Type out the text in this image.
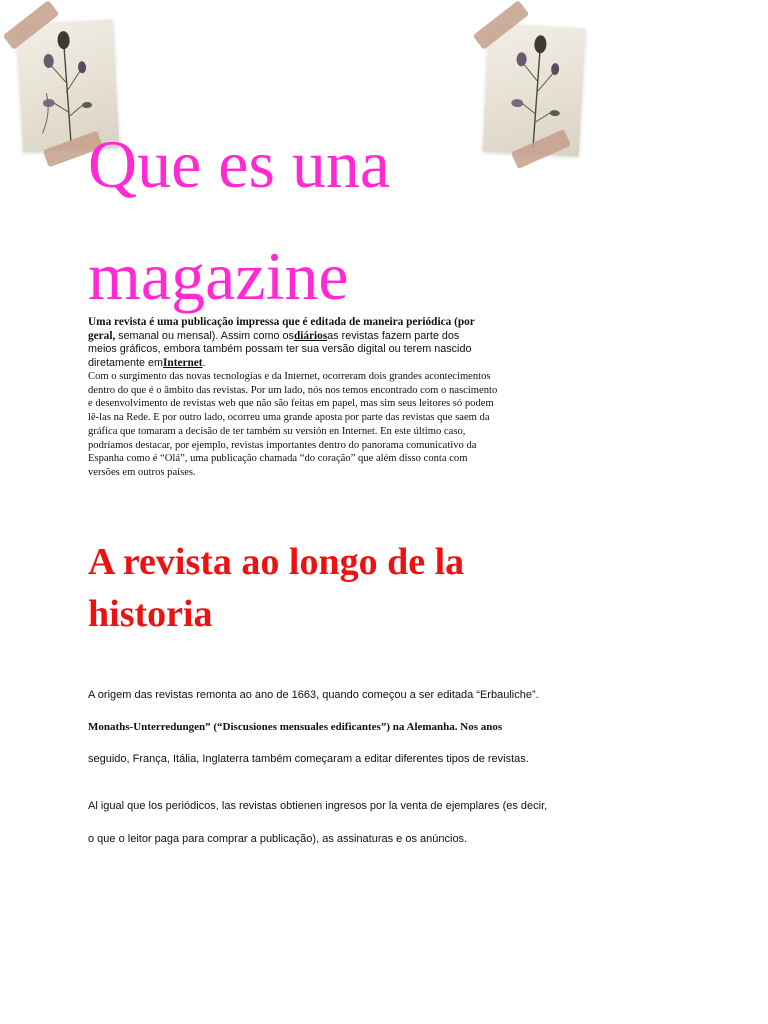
Que es una magazine

Uma revista é uma publicação impressa que é editada de maneira periódica (por geral, semanal ou mensal). Assim como osdiáriosas revistas fazem parte dos meios gráficos, embora também possam ter sua versão digital ou terem nascido diretamente emInternet.

Com o surgimento das novas tecnologias e da Internet, ocorreram dois grandes acontecimentos dentro do que é o âmbito das revistas. Por um lado, nós nos temos encontrado com o nascimento e desenvolvimento de revistas web que não são feitas em papel, mas sim seus leitores só podem lê-las na Rede. E por outro lado, ocorreu uma grande aposta por parte das revistas que saem da gráfica que tomaram a decisão de ter também su versión en Internet. En este último caso, podríamos destacar, por ejemplo, revistas importantes dentro do panorama comunicativo da Espanha como é “Olá”, uma publicação chamada “do coração” que além disso conta com versões em outros países.

A revista ao longo de la historia

A origem das revistas remonta ao ano de 1663, quando começou a ser editada “Erbauliche”.

Monaths-Unterredungen” (“Discusiones mensuales edificantes”) na Alemanha. Nos anos

seguido, França, Itália, Inglaterra também começaram a editar diferentes tipos de revistas.

Al igual que los periódicos, las revistas obtienen ingresos por la venta de ejemplares (es decir,

o que o leitor paga para comprar a publicação), as assinaturas e os anúncios.
